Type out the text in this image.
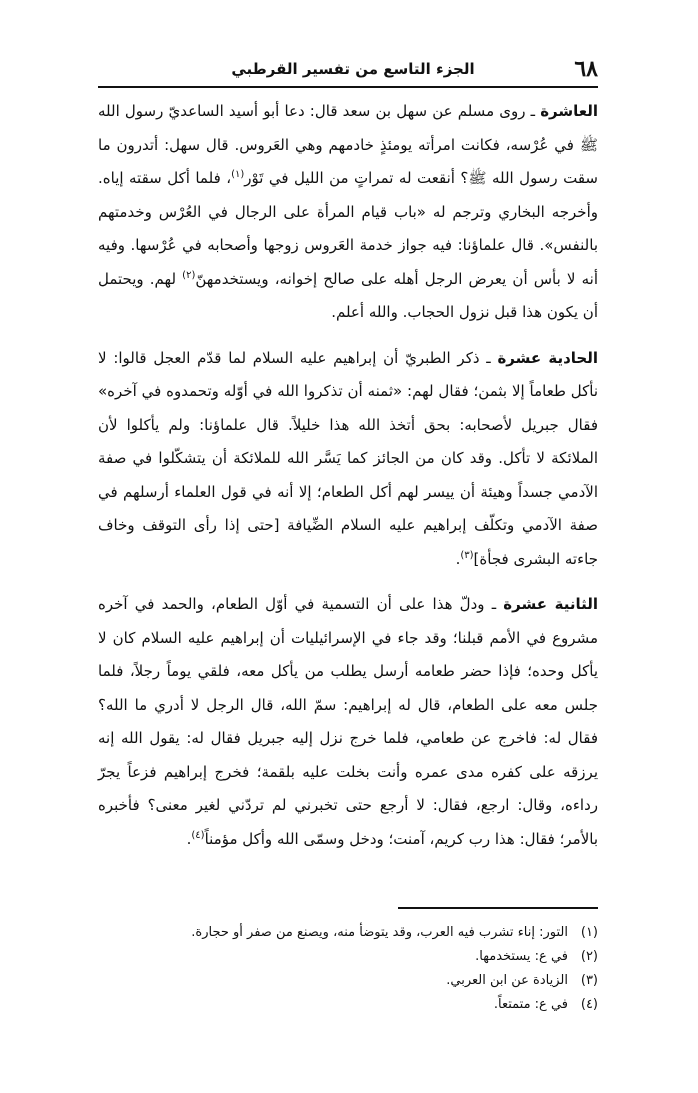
٦٨
الجزء التاسع من تفسير القرطبي

العاشرة ـ روى مسلم عن سهل بن سعد قال: دعا أبو أسيد الساعديّ رسول الله ﷺ في عُرْسه، فكانت امرأته يومئذٍ خادمهم وهي العَروس. قال سهل: أتدرون ما سقت رسول الله ﷺ؟ أنقعت له تمراتٍ من الليل في تَوْر$^{(١)}$، فلما أكل سقته إياه. وأخرجه البخاري وترجم له «باب قيام المرأة على الرجال في العُرْس وخدمتهم بالنفس». قال علماؤنا: فيه جواز خدمة العَروس زوجها وأصحابه في عُرْسها. وفيه أنه لا بأس أن يعرض الرجل أهله على صالح إخوانه، ويستخدمهنّ$^{(٢)}$ لهم. ويحتمل أن يكون هذا قبل نزول الحجاب. والله أعلم.

الحادية عشرة ـ ذكر الطبريّ أن إبراهيم عليه السلام لما قدّم العجل قالوا: لا نأكل طعاماً إلا بثمن؛ فقال لهم: «ثمنه أن تذكروا الله في أوّله وتحمدوه في آخره» فقال جبريل لأصحابه: بحق أتخذ الله هذا خليلاً. قال علماؤنا: ولم يأكلوا لأن الملائكة لا تأكل. وقد كان من الجائز كما يَسَّر الله للملائكة أن يتشكّلوا في صفة الآدمي جسداً وهيئة أن ييسر لهم أكل الطعام؛ إلا أنه في قول العلماء أرسلهم في صفة الآدمي وتكلّف إبراهيم عليه السلام الضِّيافة [حتى إذا رأى التوقف وخاف جاءته البشرى فجأة]$^{(٣)}$.

الثانية عشرة ـ ودلّ هذا على أن التسمية في أوّل الطعام، والحمد في آخره مشروع في الأمم قبلنا؛ وقد جاء في الإسرائيليات أن إبراهيم عليه السلام كان لا يأكل وحده؛ فإذا حضر طعامه أرسل يطلب من يأكل معه، فلقي يوماً رجلاً، فلما جلس معه على الطعام، قال له إبراهيم: سمّ الله، قال الرجل لا أدري ما الله؟ فقال له: فاخرج عن طعامي، فلما خرج نزل إليه جبريل فقال له: يقول الله إنه يرزقه على كفره مدى عمره وأنت بخلت عليه بلقمة؛ فخرج إبراهيم فزعاً يجرّ رداءه، وقال: ارجع، فقال: لا أرجع حتى تخبرني لم تردّني لغير معنى؟ فأخبره بالأمر؛ فقال: هذا رب كريم، آمنت؛ ودخل وسمّى الله وأكل مؤمناً$^{(٤)}$.

(١)التور: إناء تشرب فيه العرب، وقد يتوضأ منه، ويصنع من صفر أو حجارة.

(٢)في ع: يستخدمها.

(٣)الزيادة عن ابن العربي.

(٤)في ع: متمتعاً.
